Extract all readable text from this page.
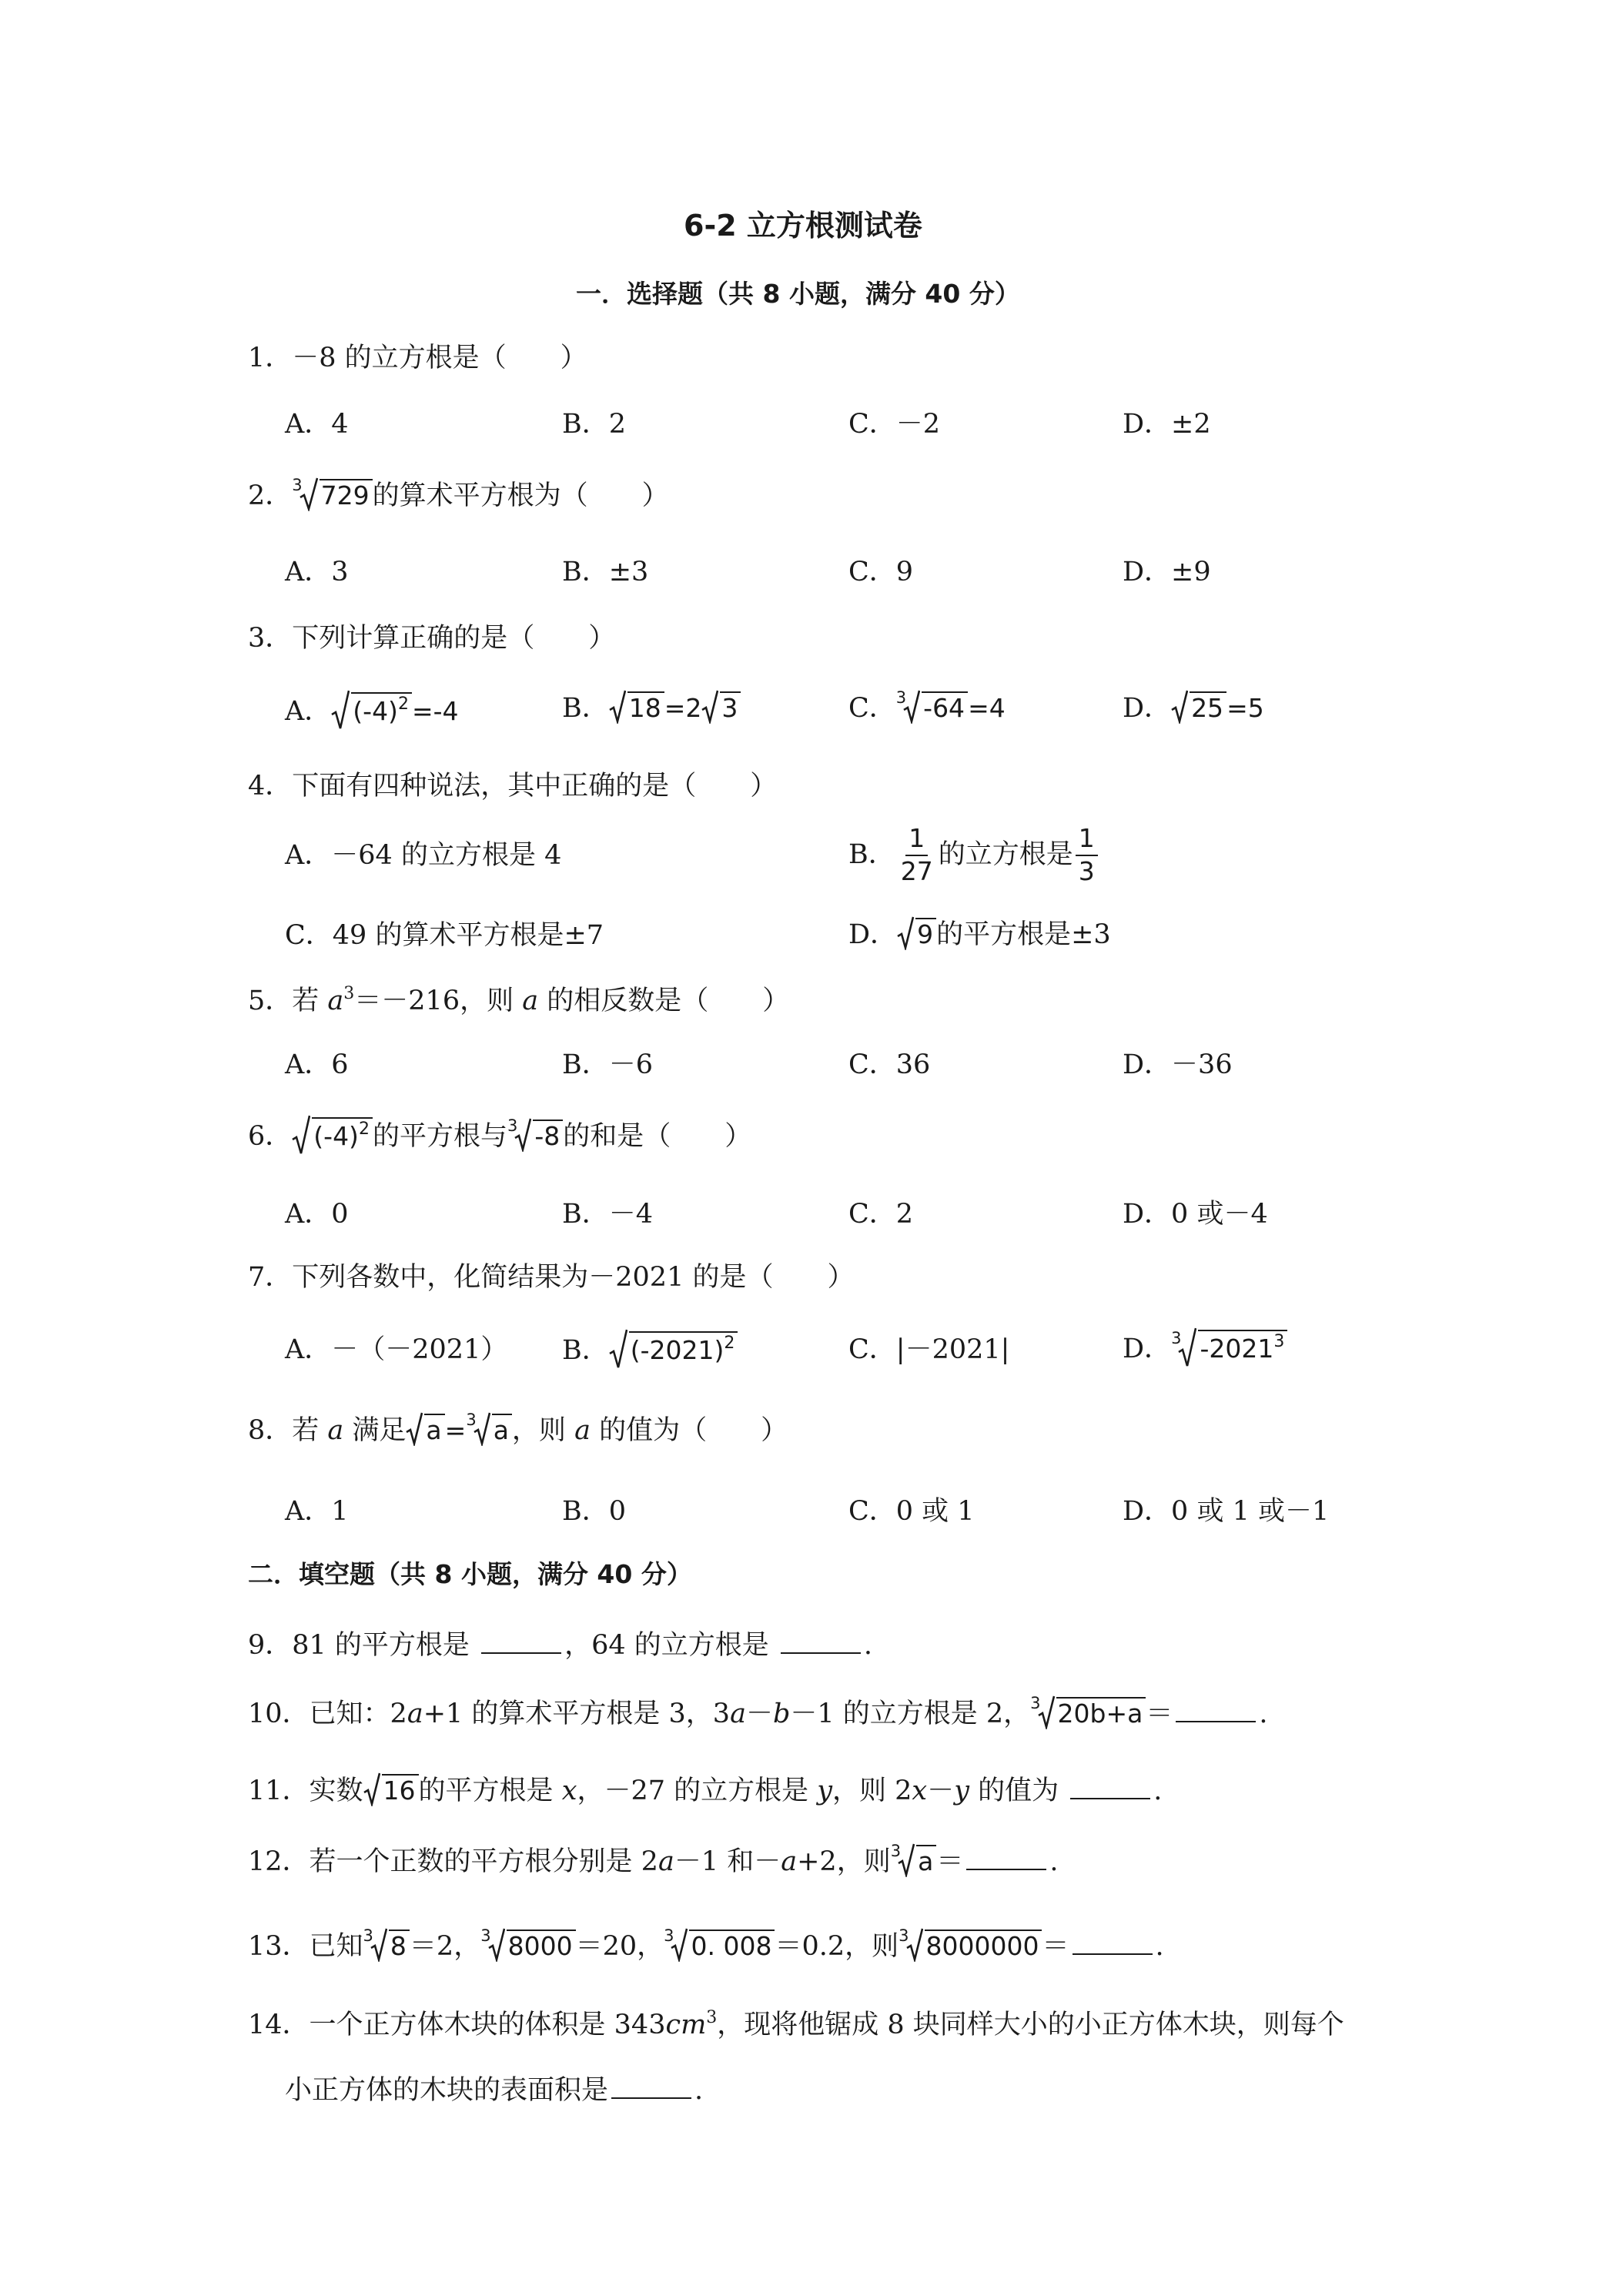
6-2 立方根测试卷
一．选择题（共 8 小题，满分 40 分）
1．－8 的立方根是（　　）
A．4	B．2	C．－2	D．±2
2．$^3$ 729 的算术平方根为（　　）
A．3	B．±3	C．9	D．±9
3．下列计算正确的是（　　）
A． $(-4)^2 =-4$	B． 18 =2 3	C．$^3$ -64 =4	D． 25 =5
4．下面有四种说法，其中正确的是（　　）
A．－64 的立方根是 4	B． $\frac{1}{27}$ 的立方根是 $\frac{1}{3}$
C．49 的算术平方根是±7	D． 9 的平方根是±3
5．若 $a^3=-216$，则 a 的相反数是（　　）
A．6	B．－6	C．36	D．－36
6． $(-4)^2$ 的平方根与$^3$ -8 的和是（　　）
A．0	B．－4	C．2	D．0 或－4
7．下列各数中，化简结果为－2021 的是（　　）
A．－（－2021） B． $(-2021)^2$	C．|－2021|	D．$^3$ -2021$^3$
8．若 a 满足 a =$^3$ a ，则 a 的值为（　　）
A．1	B．0	C．0 或 1	D．0 或 1 或－1
二．填空题（共 8 小题，满分 40 分）
9．81 的平方根是	，64 的立方根是	.
10．已知：2a+1 的算术平方根是 3，3a－b－1 的立方根是 2，$^3$ 20b+a ＝	.
11．实数 16 的平方根是 x，－27 的立方根是 y，则 2x－y 的值为	.
12．若一个正数的平方根分别是 2a－1 和－a+2，则$^3$ a ＝	.
13．已知$^3$ 8 ＝2，$^3$ 8000 ＝20，$^3$ 0. 008 ＝0.2，则$^3$ 8000000 ＝	.
14．一个正方体木块的体积是 $343cm^3$，现将他锯成 8 块同样大小的小正方体木块，则每个
小正方体的木块的表面积是	.
